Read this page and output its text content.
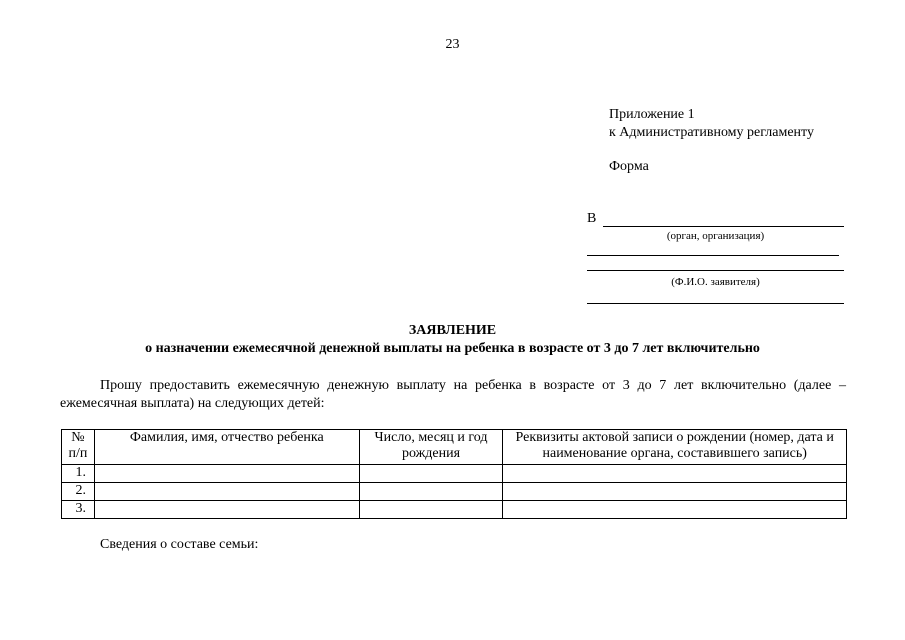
23
Приложение 1
к Административному регламенту
Форма
В
(орган, организация)
(Ф.И.О. заявителя)
ЗАЯВЛЕНИЕ
о назначении ежемесячной денежной выплаты на ребенка в возрасте от 3 до 7 лет включительно
Прошу предоставить ежемесячную денежную выплату на ребенка в возрасте от 3 до 7 лет включительно (далее – ежемесячная выплата) на следующих детей:
№ п/п	Фамилия, имя, отчество ребенка	Число, месяц и год рождения	Реквизиты актовой записи о рождении (номер, дата и наименование органа, составившего запись)
1.			
2.			
3.			
Сведения о составе семьи:
